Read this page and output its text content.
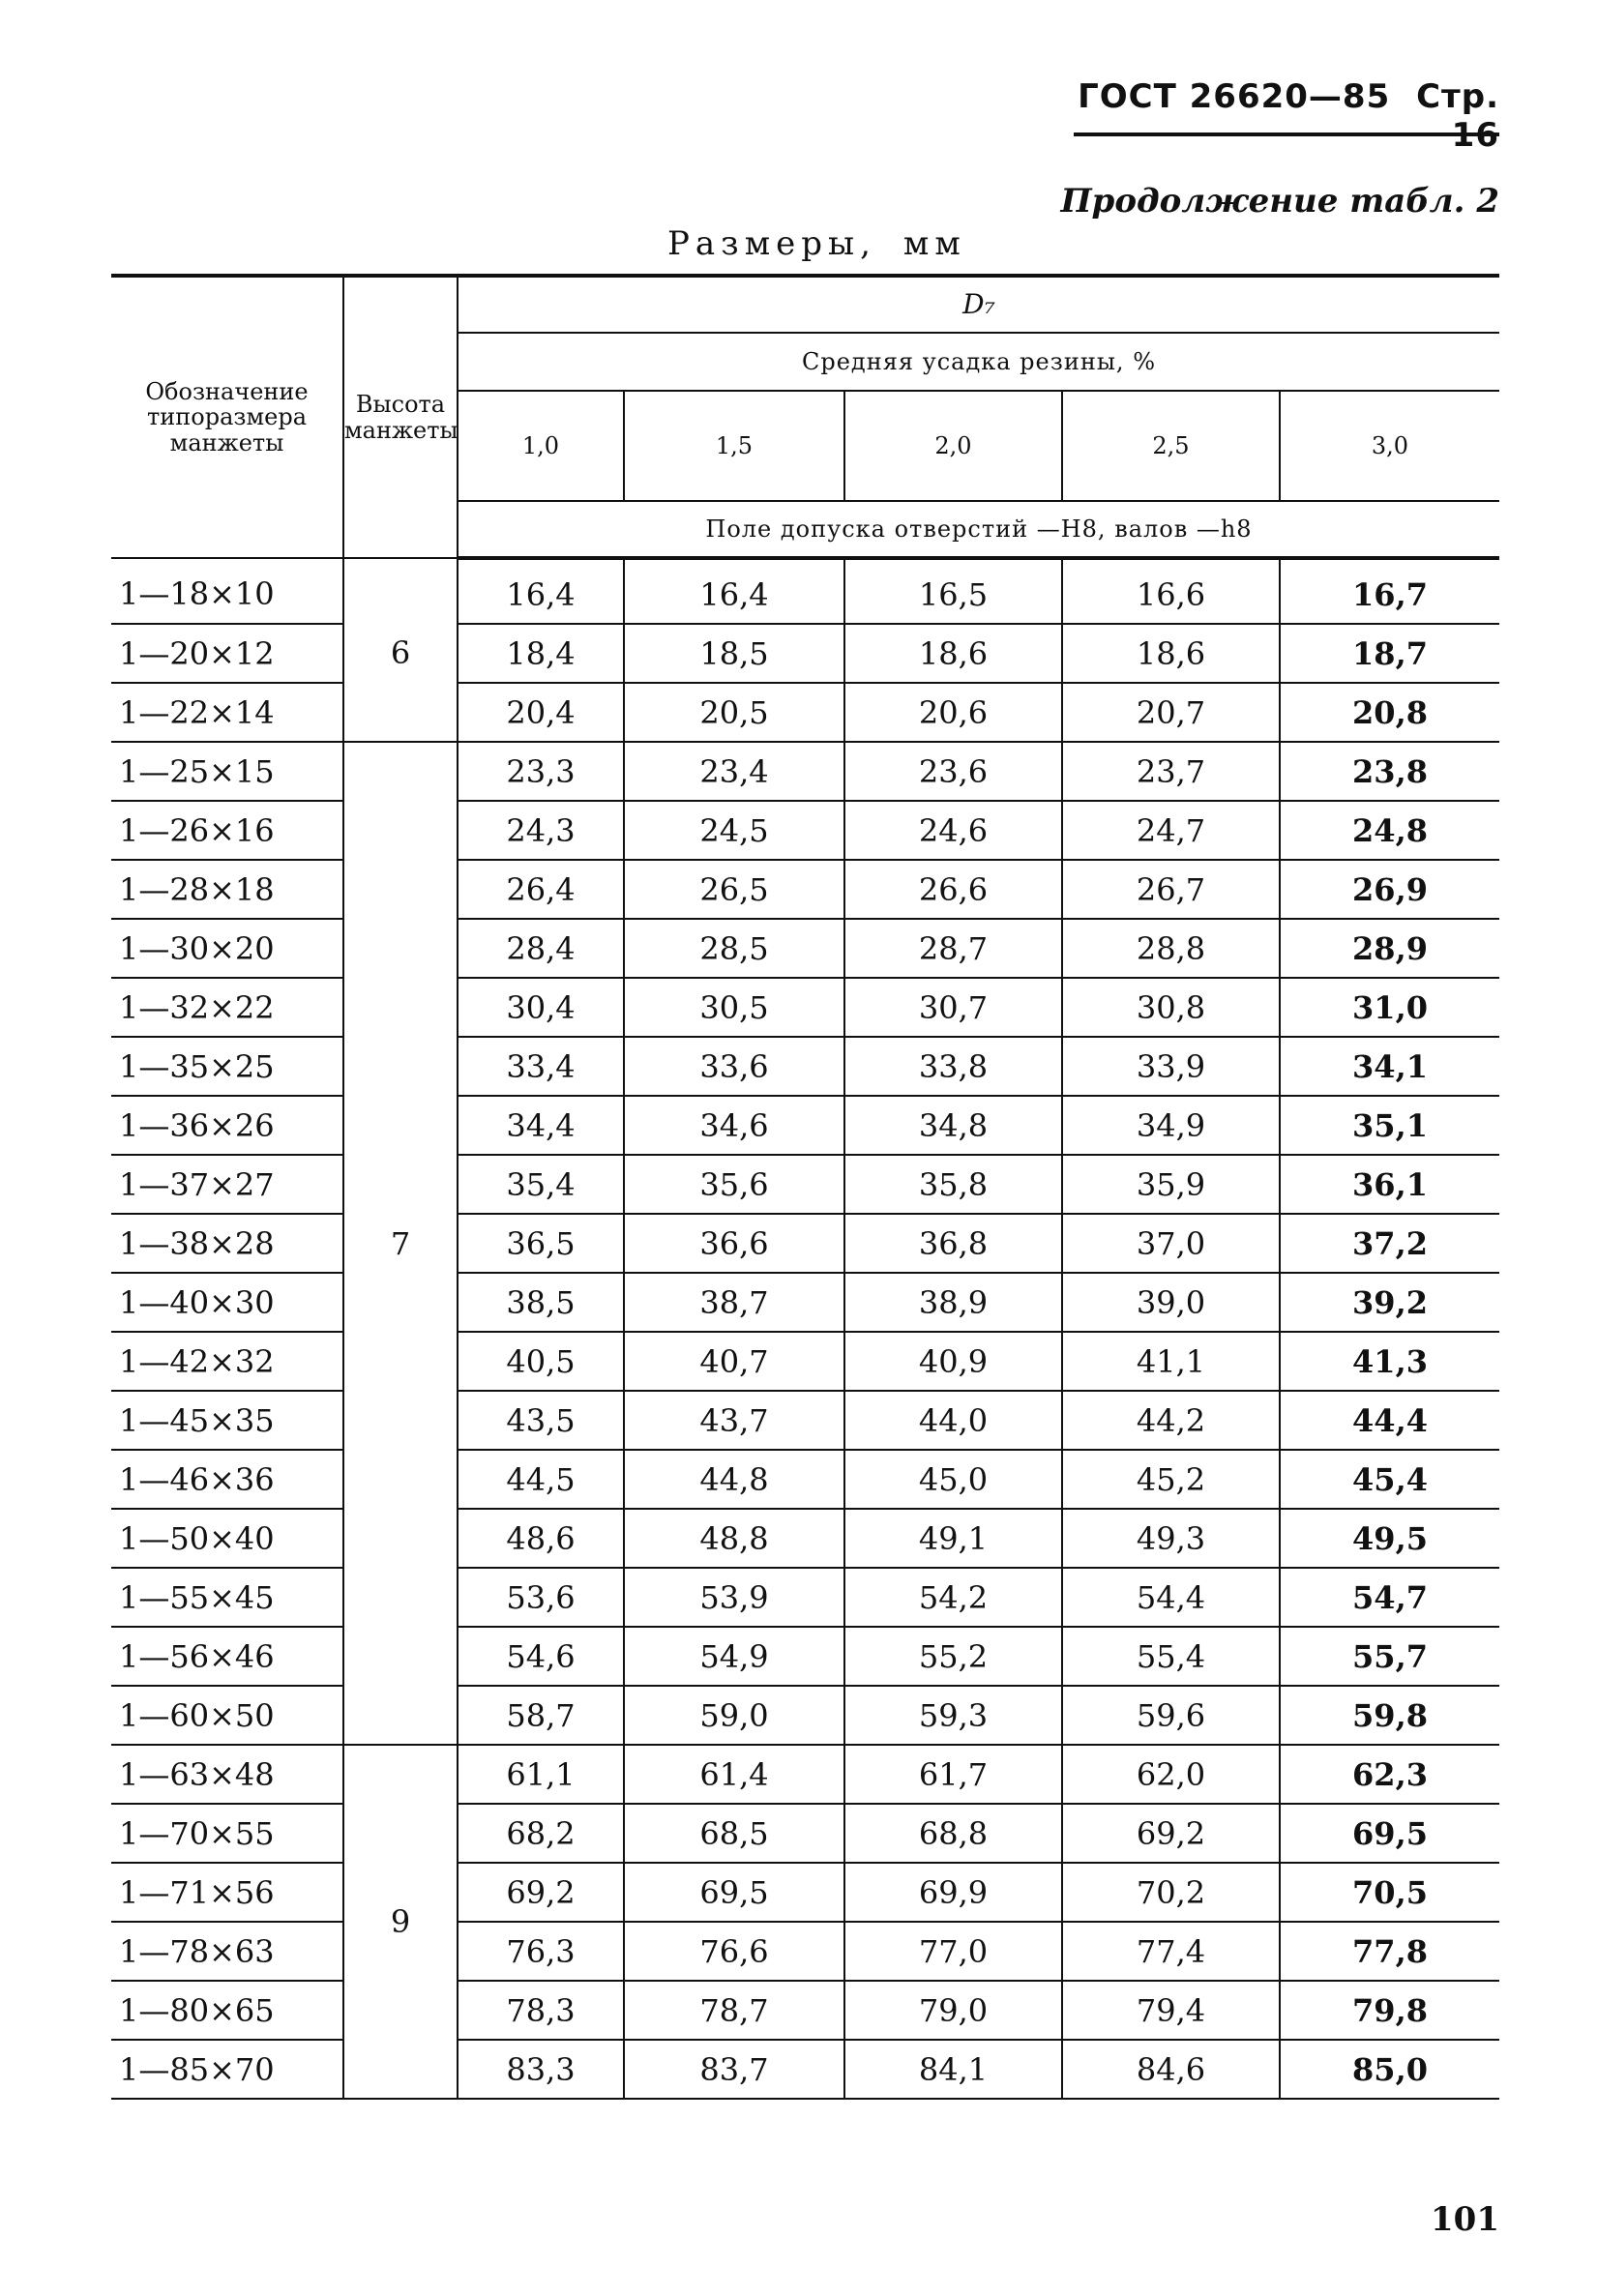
ГОСТ 26620—85 Стр. 16
Продолжение табл. 2
Размеры, мм
Обозначение типоразмера манжеты	Высота манжеты	D₇				
		Средняя усадка резины, %				
		1,0	1,5	2,0	2,5	3,0
		Поле допуска отверстий —H8, валов —h8				
1—18×10	6	16,4	16,4	16,5	16,6	16,7
1—20×12		18,4	18,5	18,6	18,6	18,7
1—22×14		20,4	20,5	20,6	20,7	20,8
1—25×15	7	23,3	23,4	23,6	23,7	23,8
1—26×16		24,3	24,5	24,6	24,7	24,8
1—28×18		26,4	26,5	26,6	26,7	26,9
1—30×20		28,4	28,5	28,7	28,8	28,9
1—32×22		30,4	30,5	30,7	30,8	31,0
1—35×25		33,4	33,6	33,8	33,9	34,1
1—36×26		34,4	34,6	34,8	34,9	35,1
1—37×27		35,4	35,6	35,8	35,9	36,1
1—38×28		36,5	36,6	36,8	37,0	37,2
1—40×30		38,5	38,7	38,9	39,0	39,2
1—42×32		40,5	40,7	40,9	41,1	41,3
1—45×35		43,5	43,7	44,0	44,2	44,4
1—46×36		44,5	44,8	45,0	45,2	45,4
1—50×40		48,6	48,8	49,1	49,3	49,5
1—55×45		53,6	53,9	54,2	54,4	54,7
1—56×46		54,6	54,9	55,2	55,4	55,7
1—60×50		58,7	59,0	59,3	59,6	59,8
1—63×48	9	61,1	61,4	61,7	62,0	62,3
1—70×55		68,2	68,5	68,8	69,2	69,5
1—71×56		69,2	69,5	69,9	70,2	70,5
1—78×63		76,3	76,6	77,0	77,4	77,8
1—80×65		78,3	78,7	79,0	79,4	79,8
1—85×70		83,3	83,7	84,1	84,6	85,0
101
